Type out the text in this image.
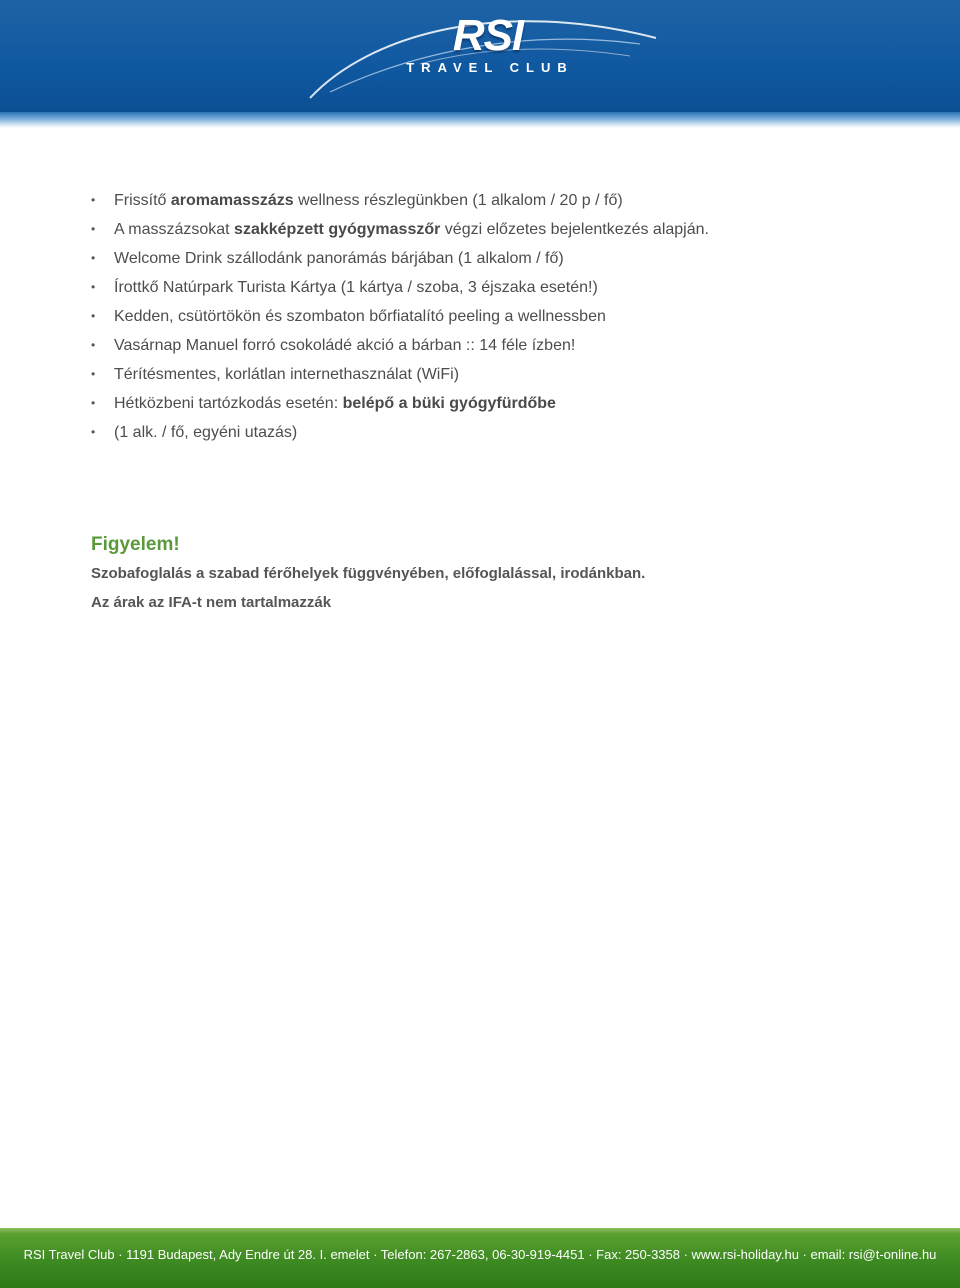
RSI
TRAVEL CLUB
• Frissítő aromamasszázs wellness részlegünkben (1 alkalom / 20 p / fő)
• A masszázsokat szakképzett gyógymasszőr végzi előzetes bejelentkezés alapján.
• Welcome Drink szállodánk panorámás bárjában (1 alkalom / fő)
• Írottkő Natúrpark Turista Kártya (1 kártya / szoba, 3 éjszaka esetén!)
• Kedden, csütörtökön és szombaton bőrfiatalító peeling a wellnessben
• Vasárnap Manuel forró csokoládé akció a bárban :: 14 féle ízben!
• Térítésmentes, korlátlan internethasználat (WiFi)
• Hétközbeni tartózkodás esetén: belépő a büki gyógyfürdőbe
• (1 alk. / fő, egyéni utazás)
Figyelem!
Szobafoglalás a szabad férőhelyek függvényében, előfoglalással, irodánkban.
Az árak az IFA-t nem tartalmazzák
RSI Travel Club · 1191 Budapest, Ady Endre út 28. I. emelet · Telefon: 267-2863, 06-30-919-4451 · Fax: 250-3358 · www.rsi-holiday.hu · email: rsi@t-online.hu
